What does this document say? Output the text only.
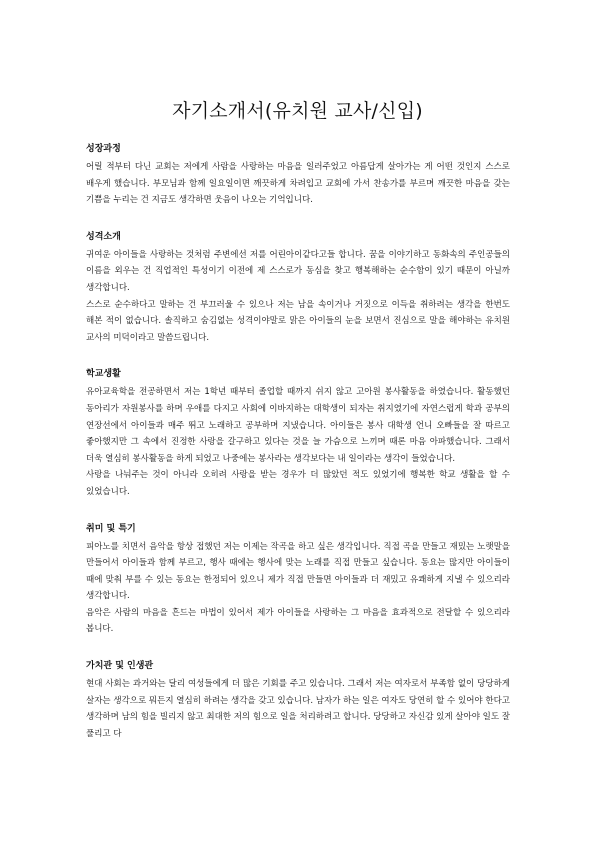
자기소개서(유치원 교사/신입)
성장과정

어릴 적부터 다닌 교회는 저에게 사람을 사랑하는 마음을 일러주었고 아름답게 살아가는 게 어떤 것인지 스스로 배우게 했습니다. 부모님과 함께 일요일이면 깨끗하게 차려입고 교회에 가서 찬송가를 부르며 깨끗한 마음을 갖는 기쁨을 누리는 건 지금도 생각하면 웃음이 나오는 기억입니다.

성격소개

귀여운 아이들을 사랑하는 것처럼 주변에선 저를 어린아이같다고들 합니다. 꿈을 이야기하고 동화속의 주인공들의 이름을 외우는 건 직업적인 특성이기 이전에 제 스스로가 동심을 찾고 행복해하는 순수함이 있기 때문이 아닐까 생각합니다.

스스로 순수하다고 말하는 건 부끄러울 수 있으나 저는 남을 속이거나 거짓으로 이득을 취하려는 생각을 한번도 해본 적이 없습니다. 솔직하고 숨김없는 성격이야말로 맑은 아이들의 눈을 보면서 진심으로 말을 해야하는 유치원 교사의 미덕이라고 말씀드립니다.

학교생활

유아교육학을 전공하면서 저는 1학년 때부터 졸업할 때까지 쉬지 않고 고아원 봉사활동을 하였습니다. 활동했던 동아리가 자원봉사를 하며 우애를 다지고 사회에 이바지하는 대학생이 되자는 취지였기에 자연스럽게 학과 공부의 연장선에서 아이들과 매주 뛰고 노래하고 공부하며 지냈습니다. 아이들은 봉사 대학생 언니 오빠들을 잘 따르고 좋아했지만 그 속에서 진정한 사랑을 갈구하고 있다는 것을 늘 가슴으로 느끼며 때론 마음 아파했습니다. 그래서 더욱 열심히 봉사활동을 하게 되었고 나중에는 봉사라는 생각보다는 내 일이라는 생각이 들었습니다.

사랑을 나눠주는 것이 아니라 오히려 사랑을 받는 경우가 더 많았던 적도 있었기에 행복한 학교 생활을 할 수 있었습니다.

취미 및 특기

피아노를 치면서 음악을 항상 접했던 저는 이제는 작곡을 하고 싶은 생각입니다. 직접 곡을 만들고 재밌는 노랫말을 만들어서 아이들과 함께 부르고, 행사 때에는 행사에 맞는 노래를 직접 만들고 싶습니다. 동요는 많지만 아이들이 때에 맞춰 부를 수 있는 동요는 한정되어 있으니 제가 직접 만들면 아이들과 더 재밌고 유쾌하게 지낼 수 있으리라 생각합니다.

음악은 사람의 마음을 흔드는 마법이 있어서 제가 아이들을 사랑하는 그 마음을 효과적으로 전달할 수 있으리라 봅니다.

가치관 및 인생관

현대 사회는 과거와는 달리 여성들에게 더 많은 기회를 주고 있습니다. 그래서 저는 여자로서 부족함 없이 당당하게 살자는 생각으로 뭐든지 열심히 하려는 생각을 갖고 있습니다. 남자가 하는 일은 여자도 당연히 할 수 있어야 한다고 생각하며 남의 힘을 빌리지 않고 최대한 저의 힘으로 일을 처리하려고 합니다. 당당하고 자신감 있게 살아야 일도 잘 풀리고 다
